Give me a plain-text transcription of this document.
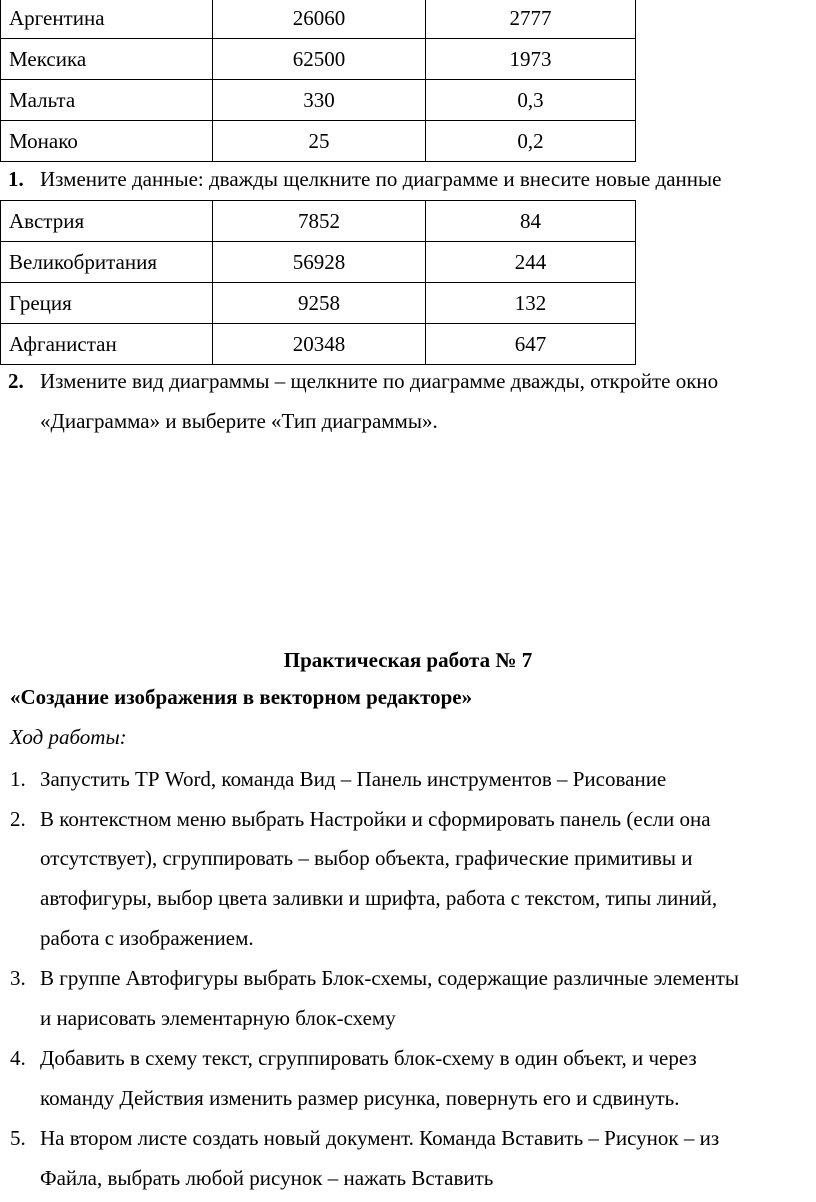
Аргентина	26060	2777
Мексика	62500	1973
Мальта	330	0,3
Монако	25	0,2
1. Измените данные: дважды щелкните по диаграмме и внесите новые данные
Австрия	7852	84
Великобритания	56928	244
Греция	9258	132
Афганистан	20348	647
2. Измените вид диаграммы – щелкните по диаграмме дважды, откройте окно
«Диаграмма» и выберите «Тип диаграммы».
Практическая работа № 7
«Создание изображения в векторном редакторе»
Ход работы:
1. Запустить ТР Word, команда Вид – Панель инструментов – Рисование
2. В контекстном меню выбрать Настройки и сформировать панель (если она
отсутствует), сгруппировать – выбор объекта, графические примитивы и
автофигуры, выбор цвета заливки и шрифта, работа с текстом, типы линий,
работа с изображением.
3. В группе Автофигуры выбрать Блок-схемы, содержащие различные элементы
и нарисовать элементарную блок-схему
4. Добавить в схему текст, сгруппировать блок-схему в один объект, и через
команду Действия изменить размер рисунка, повернуть его и сдвинуть.
5. На втором листе создать новый документ. Команда Вставить – Рисунок – из
Файла, выбрать любой рисунок – нажать Вставить
